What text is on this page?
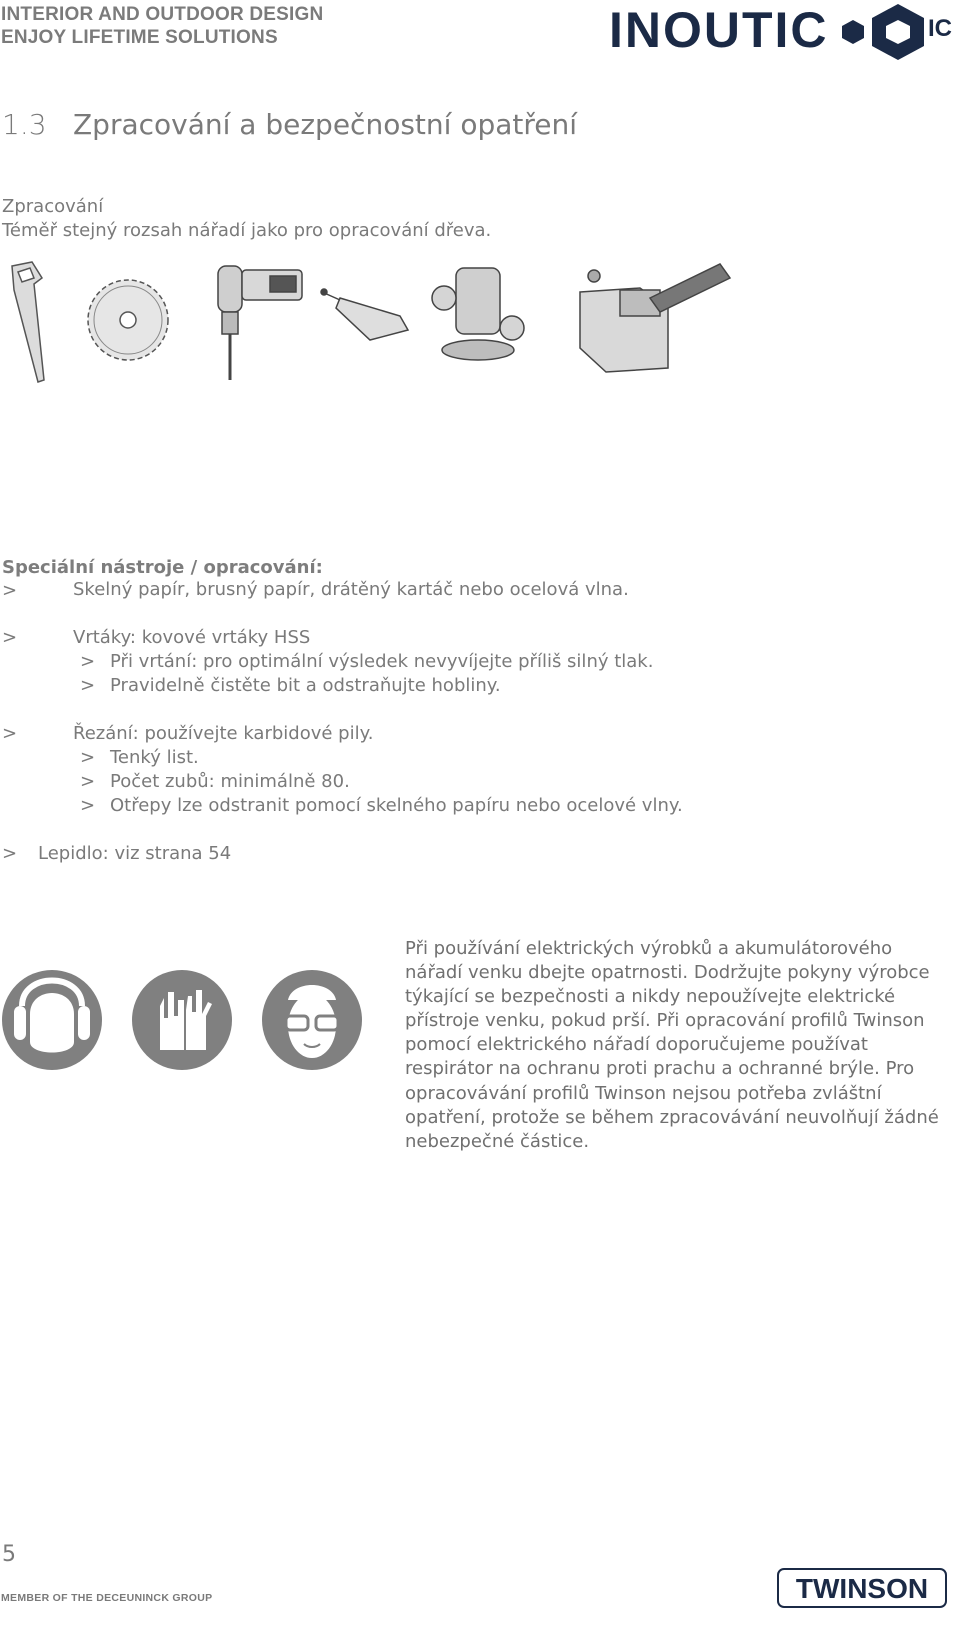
INTERIOR AND OUTDOOR DESIGN
ENJOY LIFETIME SOLUTIONS	INOUTIC	IC
1.3 Zpracování a bezpečnostní opatření
Zpracování
Téměř stejný rozsah nářadí jako pro opracování dřeva.
Speciální nástroje / opracování:
>	Skelný papír, brusný papír, drátěný kartáč nebo ocelová vlna.
>	Vrtáky: kovové vrtáky HSS
> Při vrtání: pro optimální výsledek nevyvíjejte příliš silný tlak.
> Pravidelně čistěte bit a odstraňujte hobliny.
>	Řezání: používejte karbidové pily.
> Tenký list.
> Počet zubů: minimálně 80.
> Otřepy lze odstranit pomocí skelného papíru nebo ocelové vlny.
> Lepidlo: viz strana 54
Při používání elektrických výrobků a akumulátorového nářadí venku dbejte opatrnosti. Dodržujte pokyny výrobce týkající se bezpečnosti a nikdy nepoužívejte elektrické přístroje venku, pokud prší. Při opracování profilů Twinson pomocí elektrického nářadí doporučujeme používat respirátor na ochranu proti prachu a ochranné brýle. Pro opracovávání profilů Twinson nejsou potřeba zvláštní opatření, protože se během zpracovávání neuvolňují žádné nebezpečné částice.
5
MEMBER OF THE DECEUNINCK GROUP	TWINSON
